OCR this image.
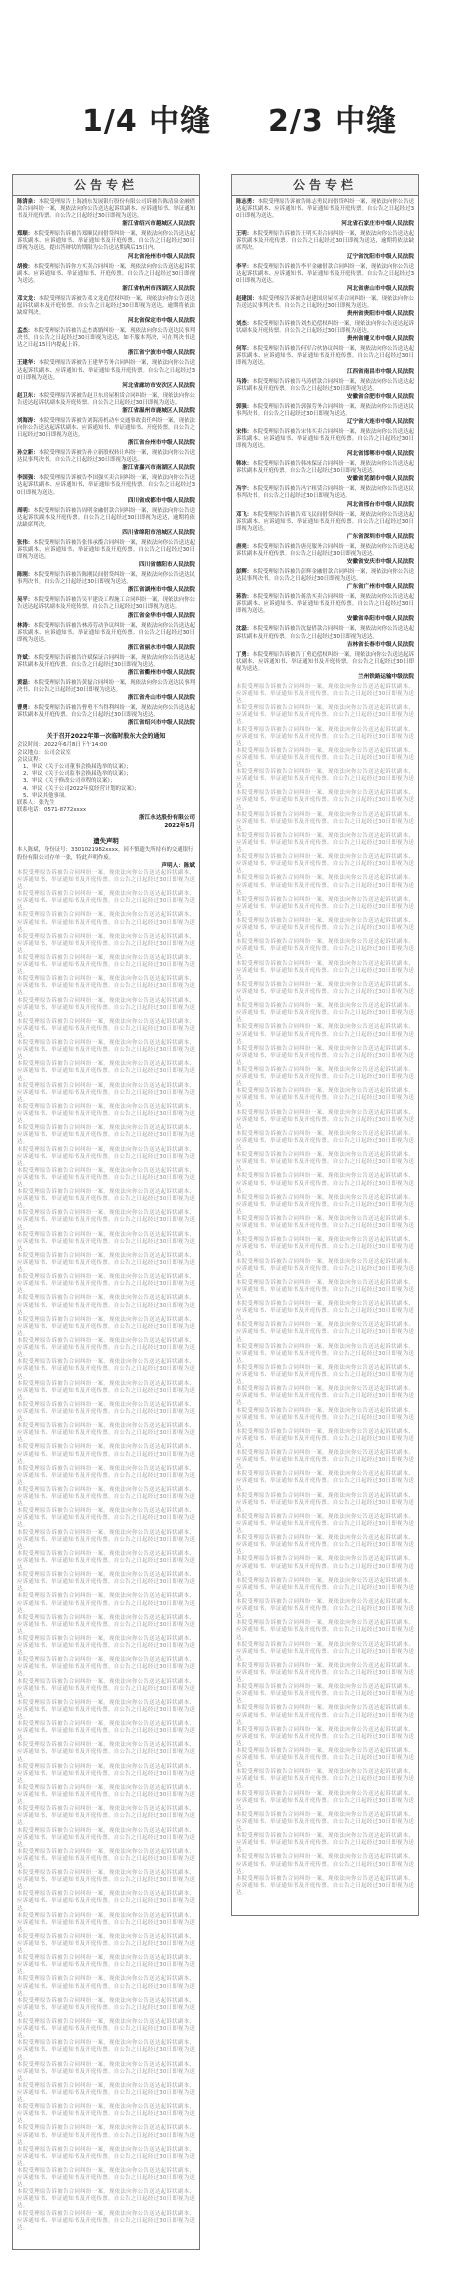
1/4 中缝 2/3 中缝
公告专栏
陈清泉：本院受理原告上海浦东发展银行股份有限公司诉被告陈清泉金融借款合同纠纷一案，现依法向你公告送达起诉状副本、应诉通知书、举证通知书及开庭传票。自公告之日起经过30日即视为送达。
浙江省绍兴市越城区人民法院
郑顺：本院受理原告诉被告郑顺民间借贷纠纷一案，现依法向你公告送达起诉状副本、应诉通知书、举证通知书及开庭传票。自公告之日起经过30日即视为送达，提出答辩状的期限为公告送达期满后15日内。
河北省沧州市中级人民法院
胡俊：本院受理原告诉你方买卖合同纠纷一案，现依法向你公告送达起诉状副本、应诉通知书、举证通知书、开庭传票。自公告之日起经过30日即视为送达。
浙江省杭州市西湖区人民法院
邓文龙：本院受理原告诉被告邓文龙追偿权纠纷一案，现依法向你公告送达起诉状副本及开庭传票。自公告之日起经过30日即视为送达，逾期将依法缺席判决。
河北省保定市中级人民法院
孟杰：本院受理原告诉被告孟杰离婚纠纷一案，现依法向你公告送达民事判决书。自公告之日起经过30日即视为送达，如不服本判决，可在判决书送达之日起15日内提起上诉。
浙江省宁波市中级人民法院
王建华：本院受理原告诉被告王建华劳务合同纠纷一案，现依法向你公告送达起诉状副本、应诉通知书、举证通知书及开庭传票。自公告之日起经过30日即视为送达。
河北省廊坊市安次区人民法院
赵卫东：本院受理原告诉被告赵卫东房屋租赁合同纠纷一案，现依法向你公告送达起诉状副本及开庭传票。自公告之日起经过30日即视为送达。
浙江省温州市鹿城区人民法院
刘海涛：本院受理原告诉被告刘海涛机动车交通事故责任纠纷一案，现依法向你公告送达起诉状副本、应诉通知书、举证通知书、开庭传票。自公告之日起经过30日即视为送达。
浙江省台州市中级人民法院
孙立新：本院受理原告诉被告孙立新股权转让纠纷一案，现依法向你公告送达民事判决书。自公告之日起经过30日即视为送达。
浙江省嘉兴市南湖区人民法院
李国强：本院受理原告诉被告李国强买卖合同纠纷一案，现依法向你公告送达起诉状副本、应诉通知书、举证通知书及开庭传票。自公告之日起经过30日即视为送达。
四川省成都市中级人民法院
周明：本院受理原告诉被告周明金融借款合同纠纷一案，现依法向你公告送达起诉状副本及开庭传票。自公告之日起经过30日即视为送达，逾期将依法缺席判决。
四川省绵阳市涪城区人民法院
张伟：本院受理原告诉被告张伟承揽合同纠纷一案，现依法向你公告送达起诉状副本、应诉通知书、举证通知书及开庭传票。自公告之日起经过30日即视为送达。
四川省德阳市人民法院
陈刚：本院受理原告诉被告陈刚民间借贷纠纷一案，现依法向你公告送达民事判决书。自公告之日起经过30日即视为送达。
浙江省湖州市中级人民法院
吴平：本院受理原告诉被告吴平建设工程施工合同纠纷一案，现依法向你公告送达起诉状副本及开庭传票。自公告之日起经过30日即视为送达。
浙江省金华市中级人民法院
林涛：本院受理原告诉被告林涛劳动争议纠纷一案，现依法向你公告送达起诉状副本、应诉通知书、举证通知书及开庭传票。自公告之日起经过30日即视为送达。
浙江省丽水市中级人民法院
许斌：本院受理原告诉被告许斌保证合同纠纷一案，现依法向你公告送达起诉状副本及开庭传票。自公告之日起经过30日即视为送达。
浙江省衢州市中级人民法院
黄磊：本院受理原告诉被告黄磊合同纠纷一案，现依法向你公告送达民事判决书。自公告之日起经过30日即视为送达。
浙江省舟山市中级人民法院
曹勇：本院受理原告诉被告曹勇不当得利纠纷一案，现依法向你公告送达起诉状副本及开庭传票。自公告之日起经过30日即视为送达。
浙江省绍兴市中级人民法院
关于召开2022年第一次临时股东大会的通知
会议时间：2022年6月8日下午14:00
会议地点：公司会议室
会议议程：
1、审议《关于公司董事会换届选举的议案》；
2、审议《关于公司监事会换届选举的议案》；
3、审议《关于修改公司章程的议案》；
4、审议《关于公司2022年度经营计划的议案》；
5、审议其他事项。
联系人：张先生
联系电话：0571-8772xxxx
浙江永达股份有限公司
2022年5月
遗失声明
本人陈斌，身份证号：3301021982xxxx，因不慎遗失所持有的交通银行股份有限公司存单一张，特此声明作废。
声明人：陈斌
本院受理原告诉被告合同纠纷一案，现依法向你公告送达起诉状副本、应诉通知书、举证通知书及开庭传票。自公告之日起经过30日即视为送达。
本院受理原告诉被告合同纠纷一案，现依法向你公告送达起诉状副本、应诉通知书、举证通知书及开庭传票。自公告之日起经过30日即视为送达。
本院受理原告诉被告合同纠纷一案，现依法向你公告送达起诉状副本、应诉通知书、举证通知书及开庭传票。自公告之日起经过30日即视为送达。
本院受理原告诉被告合同纠纷一案，现依法向你公告送达起诉状副本、应诉通知书、举证通知书及开庭传票。自公告之日起经过30日即视为送达。
本院受理原告诉被告合同纠纷一案，现依法向你公告送达起诉状副本、应诉通知书、举证通知书及开庭传票。自公告之日起经过30日即视为送达。
本院受理原告诉被告合同纠纷一案，现依法向你公告送达起诉状副本、应诉通知书、举证通知书及开庭传票。自公告之日起经过30日即视为送达。
本院受理原告诉被告合同纠纷一案，现依法向你公告送达起诉状副本、应诉通知书、举证通知书及开庭传票。自公告之日起经过30日即视为送达。
本院受理原告诉被告合同纠纷一案，现依法向你公告送达起诉状副本、应诉通知书、举证通知书及开庭传票。自公告之日起经过30日即视为送达。
本院受理原告诉被告合同纠纷一案，现依法向你公告送达起诉状副本、应诉通知书、举证通知书及开庭传票。自公告之日起经过30日即视为送达。
本院受理原告诉被告合同纠纷一案，现依法向你公告送达起诉状副本、应诉通知书、举证通知书及开庭传票。自公告之日起经过30日即视为送达。
本院受理原告诉被告合同纠纷一案，现依法向你公告送达起诉状副本、应诉通知书、举证通知书及开庭传票。自公告之日起经过30日即视为送达。
本院受理原告诉被告合同纠纷一案，现依法向你公告送达起诉状副本、应诉通知书、举证通知书及开庭传票。自公告之日起经过30日即视为送达。
本院受理原告诉被告合同纠纷一案，现依法向你公告送达起诉状副本、应诉通知书、举证通知书及开庭传票。自公告之日起经过30日即视为送达。
本院受理原告诉被告合同纠纷一案，现依法向你公告送达起诉状副本、应诉通知书、举证通知书及开庭传票。自公告之日起经过30日即视为送达。
本院受理原告诉被告合同纠纷一案，现依法向你公告送达起诉状副本、应诉通知书、举证通知书及开庭传票。自公告之日起经过30日即视为送达。
本院受理原告诉被告合同纠纷一案，现依法向你公告送达起诉状副本、应诉通知书、举证通知书及开庭传票。自公告之日起经过30日即视为送达。
本院受理原告诉被告合同纠纷一案，现依法向你公告送达起诉状副本、应诉通知书、举证通知书及开庭传票。自公告之日起经过30日即视为送达。
本院受理原告诉被告合同纠纷一案，现依法向你公告送达起诉状副本、应诉通知书、举证通知书及开庭传票。自公告之日起经过30日即视为送达。
本院受理原告诉被告合同纠纷一案，现依法向你公告送达起诉状副本、应诉通知书、举证通知书及开庭传票。自公告之日起经过30日即视为送达。
本院受理原告诉被告合同纠纷一案，现依法向你公告送达起诉状副本、应诉通知书、举证通知书及开庭传票。自公告之日起经过30日即视为送达。
本院受理原告诉被告合同纠纷一案，现依法向你公告送达起诉状副本、应诉通知书、举证通知书及开庭传票。自公告之日起经过30日即视为送达。
本院受理原告诉被告合同纠纷一案，现依法向你公告送达起诉状副本、应诉通知书、举证通知书及开庭传票。自公告之日起经过30日即视为送达。
本院受理原告诉被告合同纠纷一案，现依法向你公告送达起诉状副本、应诉通知书、举证通知书及开庭传票。自公告之日起经过30日即视为送达。
本院受理原告诉被告合同纠纷一案，现依法向你公告送达起诉状副本、应诉通知书、举证通知书及开庭传票。自公告之日起经过30日即视为送达。
本院受理原告诉被告合同纠纷一案，现依法向你公告送达起诉状副本、应诉通知书、举证通知书及开庭传票。自公告之日起经过30日即视为送达。
本院受理原告诉被告合同纠纷一案，现依法向你公告送达起诉状副本、应诉通知书、举证通知书及开庭传票。自公告之日起经过30日即视为送达。
本院受理原告诉被告合同纠纷一案，现依法向你公告送达起诉状副本、应诉通知书、举证通知书及开庭传票。自公告之日起经过30日即视为送达。
本院受理原告诉被告合同纠纷一案，现依法向你公告送达起诉状副本、应诉通知书、举证通知书及开庭传票。自公告之日起经过30日即视为送达。
本院受理原告诉被告合同纠纷一案，现依法向你公告送达起诉状副本、应诉通知书、举证通知书及开庭传票。自公告之日起经过30日即视为送达。
本院受理原告诉被告合同纠纷一案，现依法向你公告送达起诉状副本、应诉通知书、举证通知书及开庭传票。自公告之日起经过30日即视为送达。
本院受理原告诉被告合同纠纷一案，现依法向你公告送达起诉状副本、应诉通知书、举证通知书及开庭传票。自公告之日起经过30日即视为送达。
本院受理原告诉被告合同纠纷一案，现依法向你公告送达起诉状副本、应诉通知书、举证通知书及开庭传票。自公告之日起经过30日即视为送达。
本院受理原告诉被告合同纠纷一案，现依法向你公告送达起诉状副本、应诉通知书、举证通知书及开庭传票。自公告之日起经过30日即视为送达。
本院受理原告诉被告合同纠纷一案，现依法向你公告送达起诉状副本、应诉通知书、举证通知书及开庭传票。自公告之日起经过30日即视为送达。
本院受理原告诉被告合同纠纷一案，现依法向你公告送达起诉状副本、应诉通知书、举证通知书及开庭传票。自公告之日起经过30日即视为送达。
本院受理原告诉被告合同纠纷一案，现依法向你公告送达起诉状副本、应诉通知书、举证通知书及开庭传票。自公告之日起经过30日即视为送达。
本院受理原告诉被告合同纠纷一案，现依法向你公告送达起诉状副本、应诉通知书、举证通知书及开庭传票。自公告之日起经过30日即视为送达。
本院受理原告诉被告合同纠纷一案，现依法向你公告送达起诉状副本、应诉通知书、举证通知书及开庭传票。自公告之日起经过30日即视为送达。
本院受理原告诉被告合同纠纷一案，现依法向你公告送达起诉状副本、应诉通知书、举证通知书及开庭传票。自公告之日起经过30日即视为送达。
本院受理原告诉被告合同纠纷一案，现依法向你公告送达起诉状副本、应诉通知书、举证通知书及开庭传票。自公告之日起经过30日即视为送达。
本院受理原告诉被告合同纠纷一案，现依法向你公告送达起诉状副本、应诉通知书、举证通知书及开庭传票。自公告之日起经过30日即视为送达。
本院受理原告诉被告合同纠纷一案，现依法向你公告送达起诉状副本、应诉通知书、举证通知书及开庭传票。自公告之日起经过30日即视为送达。
本院受理原告诉被告合同纠纷一案，现依法向你公告送达起诉状副本、应诉通知书、举证通知书及开庭传票。自公告之日起经过30日即视为送达。
本院受理原告诉被告合同纠纷一案，现依法向你公告送达起诉状副本、应诉通知书、举证通知书及开庭传票。自公告之日起经过30日即视为送达。
本院受理原告诉被告合同纠纷一案，现依法向你公告送达起诉状副本、应诉通知书、举证通知书及开庭传票。自公告之日起经过30日即视为送达。
本院受理原告诉被告合同纠纷一案，现依法向你公告送达起诉状副本、应诉通知书、举证通知书及开庭传票。自公告之日起经过30日即视为送达。
本院受理原告诉被告合同纠纷一案，现依法向你公告送达起诉状副本、应诉通知书、举证通知书及开庭传票。自公告之日起经过30日即视为送达。
本院受理原告诉被告合同纠纷一案，现依法向你公告送达起诉状副本、应诉通知书、举证通知书及开庭传票。自公告之日起经过30日即视为送达。
本院受理原告诉被告合同纠纷一案，现依法向你公告送达起诉状副本、应诉通知书、举证通知书及开庭传票。自公告之日起经过30日即视为送达。
本院受理原告诉被告合同纠纷一案，现依法向你公告送达起诉状副本、应诉通知书、举证通知书及开庭传票。自公告之日起经过30日即视为送达。
本院受理原告诉被告合同纠纷一案，现依法向你公告送达起诉状副本、应诉通知书、举证通知书及开庭传票。自公告之日起经过30日即视为送达。
本院受理原告诉被告合同纠纷一案，现依法向你公告送达起诉状副本、应诉通知书、举证通知书及开庭传票。自公告之日起经过30日即视为送达。
本院受理原告诉被告合同纠纷一案，现依法向你公告送达起诉状副本、应诉通知书、举证通知书及开庭传票。自公告之日起经过30日即视为送达。
本院受理原告诉被告合同纠纷一案，现依法向你公告送达起诉状副本、应诉通知书、举证通知书及开庭传票。自公告之日起经过30日即视为送达。
本院受理原告诉被告合同纠纷一案，现依法向你公告送达起诉状副本、应诉通知书、举证通知书及开庭传票。自公告之日起经过30日即视为送达。
本院受理原告诉被告合同纠纷一案，现依法向你公告送达起诉状副本、应诉通知书、举证通知书及开庭传票。自公告之日起经过30日即视为送达。
本院受理原告诉被告合同纠纷一案，现依法向你公告送达起诉状副本、应诉通知书、举证通知书及开庭传票。自公告之日起经过30日即视为送达。
本院受理原告诉被告合同纠纷一案，现依法向你公告送达起诉状副本、应诉通知书、举证通知书及开庭传票。自公告之日起经过30日即视为送达。
本院受理原告诉被告合同纠纷一案，现依法向你公告送达起诉状副本、应诉通知书、举证通知书及开庭传票。自公告之日起经过30日即视为送达。
本院受理原告诉被告合同纠纷一案，现依法向你公告送达起诉状副本、应诉通知书、举证通知书及开庭传票。自公告之日起经过30日即视为送达。
本院受理原告诉被告合同纠纷一案，现依法向你公告送达起诉状副本、应诉通知书、举证通知书及开庭传票。自公告之日起经过30日即视为送达。
本院受理原告诉被告合同纠纷一案，现依法向你公告送达起诉状副本、应诉通知书、举证通知书及开庭传票。自公告之日起经过30日即视为送达。
本院受理原告诉被告合同纠纷一案，现依法向你公告送达起诉状副本、应诉通知书、举证通知书及开庭传票。自公告之日起经过30日即视为送达。
本院受理原告诉被告合同纠纷一案，现依法向你公告送达起诉状副本、应诉通知书、举证通知书及开庭传票。自公告之日起经过30日即视为送达。
公告专栏
陈志勇：本院受理原告诉被告陈志勇民间借贷纠纷一案，现依法向你公告送达起诉状副本、应诉通知书、举证通知书及开庭传票。自公告之日起经过30日即视为送达。
河北省石家庄市中级人民法院
王明：本院受理原告诉被告王明买卖合同纠纷一案，现依法向你公告送达起诉状副本及开庭传票。自公告之日起经过30日即视为送达，逾期将依法缺席判决。
辽宁省沈阳市中级人民法院
李平：本院受理原告诉被告李平金融借款合同纠纷一案，现依法向你公告送达起诉状副本、应诉通知书、举证通知书及开庭传票。自公告之日起经过30日即视为送达。
河北省唐山市中级人民法院
赵建国：本院受理原告诉被告赵建国房屋买卖合同纠纷一案，现依法向你公告送达民事判决书。自公告之日起经过30日即视为送达。
贵州省贵阳市中级人民法院
刘杰：本院受理原告诉被告刘杰追偿权纠纷一案，现依法向你公告送达起诉状副本及开庭传票。自公告之日起经过30日即视为送达。
贵州省遵义市中级人民法院
何军：本院受理原告诉被告何军合伙协议纠纷一案，现依法向你公告送达起诉状副本、应诉通知书、举证通知书及开庭传票。自公告之日起经过30日即视为送达。
江西省南昌市中级人民法院
马涛：本院受理原告诉被告马涛借款合同纠纷一案，现依法向你公告送达起诉状副本及开庭传票。自公告之日起经过30日即视为送达。
安徽省合肥市中级人民法院
郭强：本院受理原告诉被告郭强劳务合同纠纷一案，现依法向你公告送达民事判决书。自公告之日起经过30日即视为送达。
辽宁省大连市中级人民法院
宋伟：本院受理原告诉被告宋伟买卖合同纠纷一案，现依法向你公告送达起诉状副本、应诉通知书、举证通知书及开庭传票。自公告之日起经过30日即视为送达。
河北省邯郸市中级人民法院
韩冰：本院受理原告诉被告韩冰保证合同纠纷一案，现依法向你公告送达起诉状副本及开庭传票。自公告之日起经过30日即视为送达。
安徽省芜湖市中级人民法院
冯宇：本院受理原告诉被告冯宇租赁合同纠纷一案，现依法向你公告送达民事判决书。自公告之日起经过30日即视为送达。
河北省邢台市中级人民法院
邓飞：本院受理原告诉被告邓飞民间借贷纠纷一案，现依法向你公告送达起诉状副本、应诉通知书、举证通知书及开庭传票。自公告之日起经过30日即视为送达。
广东省深圳市中级人民法院
唐亮：本院受理原告诉被告唐亮服务合同纠纷一案，现依法向你公告送达起诉状副本及开庭传票。自公告之日起经过30日即视为送达。
安徽省安庆市中级人民法院
彭辉：本院受理原告诉被告彭辉金融借款合同纠纷一案，现依法向你公告送达民事判决书。自公告之日起经过30日即视为送达。
广东省广州市中级人民法院
蒋浩：本院受理原告诉被告蒋浩买卖合同纠纷一案，现依法向你公告送达起诉状副本、应诉通知书、举证通知书及开庭传票。自公告之日起经过30日即视为送达。
安徽省阜阳市中级人民法院
沈磊：本院受理原告诉被告沈磊借款合同纠纷一案，现依法向你公告送达起诉状副本及开庭传票。自公告之日起经过30日即视为送达。
吉林省长春市中级人民法院
丁勇：本院受理原告诉被告丁勇追偿权纠纷一案，现依法向你公告送达起诉状副本、应诉通知书、举证通知书及开庭传票。自公告之日起经过30日即视为送达。
兰州铁路运输中级法院
本院受理原告诉被告合同纠纷一案，现依法向你公告送达起诉状副本、应诉通知书、举证通知书及开庭传票。自公告之日起经过30日即视为送达。
本院受理原告诉被告合同纠纷一案，现依法向你公告送达起诉状副本、应诉通知书、举证通知书及开庭传票。自公告之日起经过30日即视为送达。
本院受理原告诉被告合同纠纷一案，现依法向你公告送达起诉状副本、应诉通知书、举证通知书及开庭传票。自公告之日起经过30日即视为送达。
本院受理原告诉被告合同纠纷一案，现依法向你公告送达起诉状副本、应诉通知书、举证通知书及开庭传票。自公告之日起经过30日即视为送达。
本院受理原告诉被告合同纠纷一案，现依法向你公告送达起诉状副本、应诉通知书、举证通知书及开庭传票。自公告之日起经过30日即视为送达。
本院受理原告诉被告合同纠纷一案，现依法向你公告送达起诉状副本、应诉通知书、举证通知书及开庭传票。自公告之日起经过30日即视为送达。
本院受理原告诉被告合同纠纷一案，现依法向你公告送达起诉状副本、应诉通知书、举证通知书及开庭传票。自公告之日起经过30日即视为送达。
本院受理原告诉被告合同纠纷一案，现依法向你公告送达起诉状副本、应诉通知书、举证通知书及开庭传票。自公告之日起经过30日即视为送达。
本院受理原告诉被告合同纠纷一案，现依法向你公告送达起诉状副本、应诉通知书、举证通知书及开庭传票。自公告之日起经过30日即视为送达。
本院受理原告诉被告合同纠纷一案，现依法向你公告送达起诉状副本、应诉通知书、举证通知书及开庭传票。自公告之日起经过30日即视为送达。
本院受理原告诉被告合同纠纷一案，现依法向你公告送达起诉状副本、应诉通知书、举证通知书及开庭传票。自公告之日起经过30日即视为送达。
本院受理原告诉被告合同纠纷一案，现依法向你公告送达起诉状副本、应诉通知书、举证通知书及开庭传票。自公告之日起经过30日即视为送达。
本院受理原告诉被告合同纠纷一案，现依法向你公告送达起诉状副本、应诉通知书、举证通知书及开庭传票。自公告之日起经过30日即视为送达。
本院受理原告诉被告合同纠纷一案，现依法向你公告送达起诉状副本、应诉通知书、举证通知书及开庭传票。自公告之日起经过30日即视为送达。
本院受理原告诉被告合同纠纷一案，现依法向你公告送达起诉状副本、应诉通知书、举证通知书及开庭传票。自公告之日起经过30日即视为送达。
本院受理原告诉被告合同纠纷一案，现依法向你公告送达起诉状副本、应诉通知书、举证通知书及开庭传票。自公告之日起经过30日即视为送达。
本院受理原告诉被告合同纠纷一案，现依法向你公告送达起诉状副本、应诉通知书、举证通知书及开庭传票。自公告之日起经过30日即视为送达。
本院受理原告诉被告合同纠纷一案，现依法向你公告送达起诉状副本、应诉通知书、举证通知书及开庭传票。自公告之日起经过30日即视为送达。
本院受理原告诉被告合同纠纷一案，现依法向你公告送达起诉状副本、应诉通知书、举证通知书及开庭传票。自公告之日起经过30日即视为送达。
本院受理原告诉被告合同纠纷一案，现依法向你公告送达起诉状副本、应诉通知书、举证通知书及开庭传票。自公告之日起经过30日即视为送达。
本院受理原告诉被告合同纠纷一案，现依法向你公告送达起诉状副本、应诉通知书、举证通知书及开庭传票。自公告之日起经过30日即视为送达。
本院受理原告诉被告合同纠纷一案，现依法向你公告送达起诉状副本、应诉通知书、举证通知书及开庭传票。自公告之日起经过30日即视为送达。
本院受理原告诉被告合同纠纷一案，现依法向你公告送达起诉状副本、应诉通知书、举证通知书及开庭传票。自公告之日起经过30日即视为送达。
本院受理原告诉被告合同纠纷一案，现依法向你公告送达起诉状副本、应诉通知书、举证通知书及开庭传票。自公告之日起经过30日即视为送达。
本院受理原告诉被告合同纠纷一案，现依法向你公告送达起诉状副本、应诉通知书、举证通知书及开庭传票。自公告之日起经过30日即视为送达。
本院受理原告诉被告合同纠纷一案，现依法向你公告送达起诉状副本、应诉通知书、举证通知书及开庭传票。自公告之日起经过30日即视为送达。
本院受理原告诉被告合同纠纷一案，现依法向你公告送达起诉状副本、应诉通知书、举证通知书及开庭传票。自公告之日起经过30日即视为送达。
本院受理原告诉被告合同纠纷一案，现依法向你公告送达起诉状副本、应诉通知书、举证通知书及开庭传票。自公告之日起经过30日即视为送达。
本院受理原告诉被告合同纠纷一案，现依法向你公告送达起诉状副本、应诉通知书、举证通知书及开庭传票。自公告之日起经过30日即视为送达。
本院受理原告诉被告合同纠纷一案，现依法向你公告送达起诉状副本、应诉通知书、举证通知书及开庭传票。自公告之日起经过30日即视为送达。
本院受理原告诉被告合同纠纷一案，现依法向你公告送达起诉状副本、应诉通知书、举证通知书及开庭传票。自公告之日起经过30日即视为送达。
本院受理原告诉被告合同纠纷一案，现依法向你公告送达起诉状副本、应诉通知书、举证通知书及开庭传票。自公告之日起经过30日即视为送达。
本院受理原告诉被告合同纠纷一案，现依法向你公告送达起诉状副本、应诉通知书、举证通知书及开庭传票。自公告之日起经过30日即视为送达。
本院受理原告诉被告合同纠纷一案，现依法向你公告送达起诉状副本、应诉通知书、举证通知书及开庭传票。自公告之日起经过30日即视为送达。
本院受理原告诉被告合同纠纷一案，现依法向你公告送达起诉状副本、应诉通知书、举证通知书及开庭传票。自公告之日起经过30日即视为送达。
本院受理原告诉被告合同纠纷一案，现依法向你公告送达起诉状副本、应诉通知书、举证通知书及开庭传票。自公告之日起经过30日即视为送达。
本院受理原告诉被告合同纠纷一案，现依法向你公告送达起诉状副本、应诉通知书、举证通知书及开庭传票。自公告之日起经过30日即视为送达。
本院受理原告诉被告合同纠纷一案，现依法向你公告送达起诉状副本、应诉通知书、举证通知书及开庭传票。自公告之日起经过30日即视为送达。
本院受理原告诉被告合同纠纷一案，现依法向你公告送达起诉状副本、应诉通知书、举证通知书及开庭传票。自公告之日起经过30日即视为送达。
本院受理原告诉被告合同纠纷一案，现依法向你公告送达起诉状副本、应诉通知书、举证通知书及开庭传票。自公告之日起经过30日即视为送达。
本院受理原告诉被告合同纠纷一案，现依法向你公告送达起诉状副本、应诉通知书、举证通知书及开庭传票。自公告之日起经过30日即视为送达。
本院受理原告诉被告合同纠纷一案，现依法向你公告送达起诉状副本、应诉通知书、举证通知书及开庭传票。自公告之日起经过30日即视为送达。
本院受理原告诉被告合同纠纷一案，现依法向你公告送达起诉状副本、应诉通知书、举证通知书及开庭传票。自公告之日起经过30日即视为送达。
本院受理原告诉被告合同纠纷一案，现依法向你公告送达起诉状副本、应诉通知书、举证通知书及开庭传票。自公告之日起经过30日即视为送达。
本院受理原告诉被告合同纠纷一案，现依法向你公告送达起诉状副本、应诉通知书、举证通知书及开庭传票。自公告之日起经过30日即视为送达。
本院受理原告诉被告合同纠纷一案，现依法向你公告送达起诉状副本、应诉通知书、举证通知书及开庭传票。自公告之日起经过30日即视为送达。
本院受理原告诉被告合同纠纷一案，现依法向你公告送达起诉状副本、应诉通知书、举证通知书及开庭传票。自公告之日起经过30日即视为送达。
本院受理原告诉被告合同纠纷一案，现依法向你公告送达起诉状副本、应诉通知书、举证通知书及开庭传票。自公告之日起经过30日即视为送达。
本院受理原告诉被告合同纠纷一案，现依法向你公告送达起诉状副本、应诉通知书、举证通知书及开庭传票。自公告之日起经过30日即视为送达。
本院受理原告诉被告合同纠纷一案，现依法向你公告送达起诉状副本、应诉通知书、举证通知书及开庭传票。自公告之日起经过30日即视为送达。
本院受理原告诉被告合同纠纷一案，现依法向你公告送达起诉状副本、应诉通知书、举证通知书及开庭传票。自公告之日起经过30日即视为送达。
本院受理原告诉被告合同纠纷一案，现依法向你公告送达起诉状副本、应诉通知书、举证通知书及开庭传票。自公告之日起经过30日即视为送达。
本院受理原告诉被告合同纠纷一案，现依法向你公告送达起诉状副本、应诉通知书、举证通知书及开庭传票。自公告之日起经过30日即视为送达。
本院受理原告诉被告合同纠纷一案，现依法向你公告送达起诉状副本、应诉通知书、举证通知书及开庭传票。自公告之日起经过30日即视为送达。
本院受理原告诉被告合同纠纷一案，现依法向你公告送达起诉状副本、应诉通知书、举证通知书及开庭传票。自公告之日起经过30日即视为送达。
本院受理原告诉被告合同纠纷一案，现依法向你公告送达起诉状副本、应诉通知书、举证通知书及开庭传票。自公告之日起经过30日即视为送达。
本院受理原告诉被告合同纠纷一案，现依法向你公告送达起诉状副本、应诉通知书、举证通知书及开庭传票。自公告之日起经过30日即视为送达。
